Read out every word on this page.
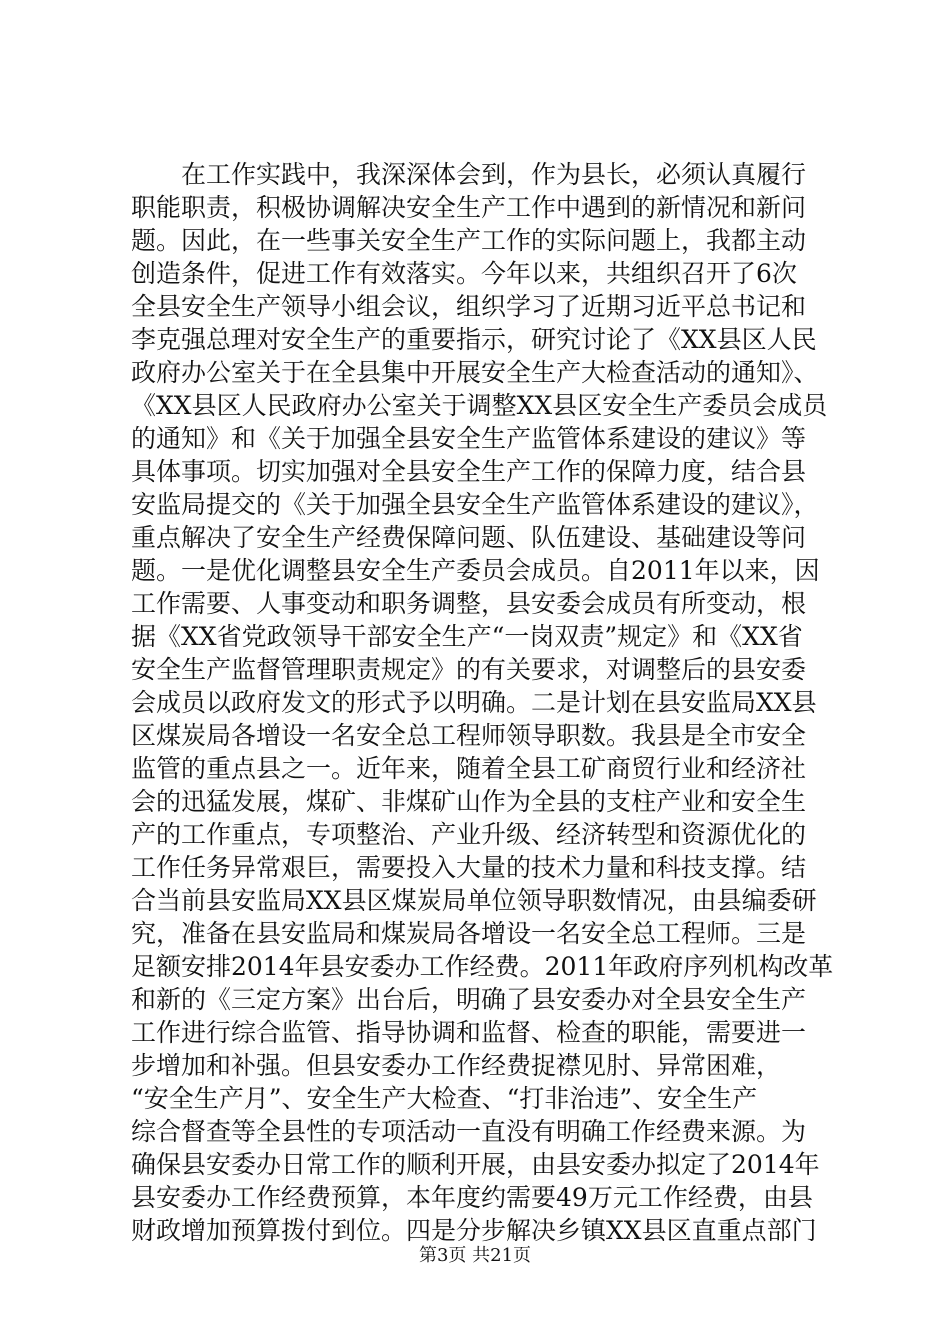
在工作实践中，我深深体会到，作为县长，必须认真履行
职能职责，积极协调解决安全生产工作中遇到的新情况和新问
题。因此，在一些事关安全生产工作的实际问题上，我都主动
创造条件，促进工作有效落实。今年以来，共组织召开了6次
全县安全生产领导小组会议，组织学习了近期习近平总书记和
李克强总理对安全生产的重要指示，研究讨论了《XX县区人民
政府办公室关于在全县集中开展安全生产大检查活动的通知》、
《XX县区人民政府办公室关于调整XX县区安全生产委员会成员
的通知》和《关于加强全县安全生产监管体系建设的建议》等
具体事项。切实加强对全县安全生产工作的保障力度，结合县
安监局提交的《关于加强全县安全生产监管体系建设的建议》，
重点解决了安全生产经费保障问题、队伍建设、基础建设等问
题。一是优化调整县安全生产委员会成员。自2011年以来，因
工作需要、人事变动和职务调整，县安委会成员有所变动，根
据《XX省党政领导干部安全生产“一岗双责”规定》和《XX省
安全生产监督管理职责规定》的有关要求，对调整后的县安委
会成员以政府发文的形式予以明确。二是计划在县安监局XX县
区煤炭局各增设一名安全总工程师领导职数。我县是全市安全
监管的重点县之一。近年来，随着全县工矿商贸行业和经济社
会的迅猛发展，煤矿、非煤矿山作为全县的支柱产业和安全生
产的工作重点，专项整治、产业升级、经济转型和资源优化的
工作任务异常艰巨，需要投入大量的技术力量和科技支撑。结
合当前县安监局XX县区煤炭局单位领导职数情况，由县编委研
究，准备在县安监局和煤炭局各增设一名安全总工程师。三是
足额安排2014年县安委办工作经费。2011年政府序列机构改革
和新的《三定方案》出台后，明确了县安委办对全县安全生产
工作进行综合监管、指导协调和监督、检查的职能，需要进一
步增加和补强。但县安委办工作经费捉襟见肘、异常困难，
“安全生产月”、安全生产大检查、“打非治违”、安全生产
综合督查等全县性的专项活动一直没有明确工作经费来源。为
确保县安委办日常工作的顺利开展，由县安委办拟定了2014年
县安委办工作经费预算，本年度约需要49万元工作经费，由县
财政增加预算拨付到位。四是分步解决乡镇XX县区直重点部门
第3页 共21页
